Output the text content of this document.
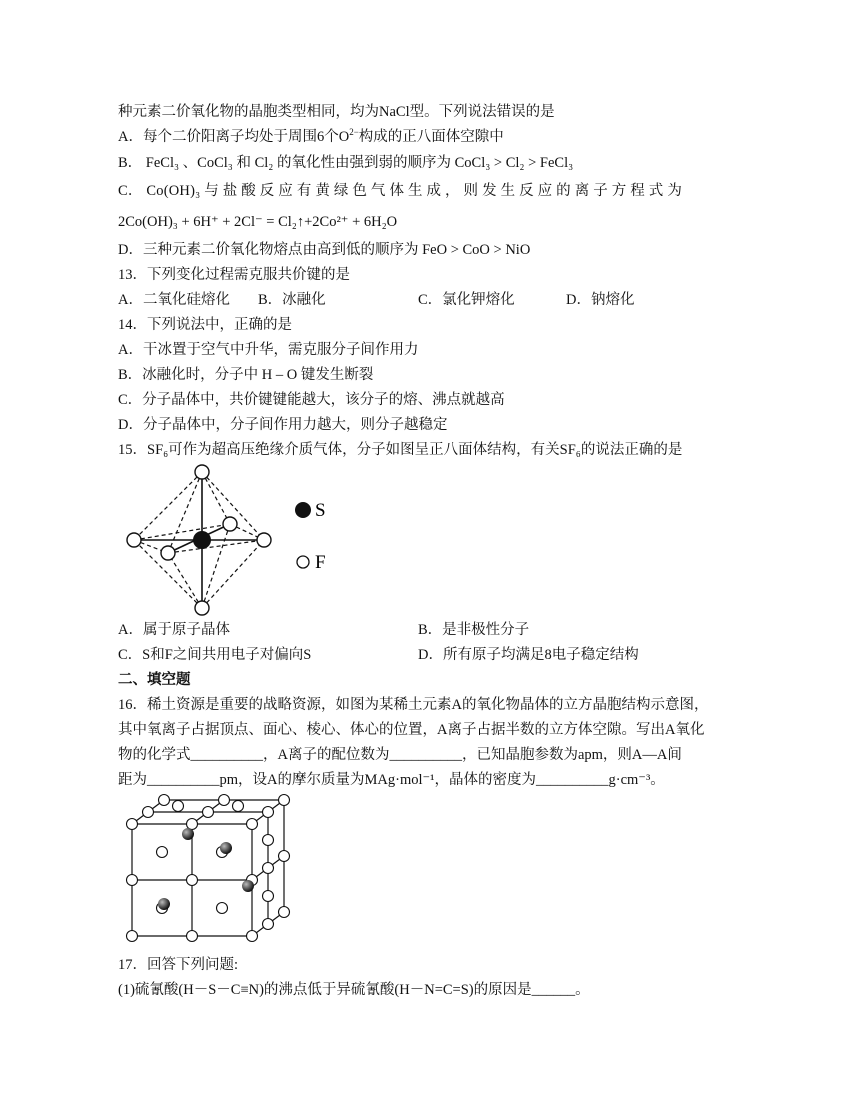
种元素二价氧化物的晶胞类型相同，均为NaCl型。下列说法错误的是
A．每个二价阳离子均处于周围6个$O^{2-}$构成的正八面体空隙中
B． FeCl₃ 、CoCl₃ 和 Cl₂ 的氧化性由强到弱的顺序为 CoCl₃ > Cl₂ > FeCl₃
C． Co(OH)₃ 与 盐 酸 反 应 有 黄 绿 色 气 体 生 成 ， 则 发 生 反 应 的 离 子 方 程 式 为
2Co(OH)₃ + 6H⁺ + 2Cl⁻ = Cl₂↑+2Co²⁺ + 6H₂O
D．三种元素二价氧化物熔点由高到低的顺序为 FeO > CoO > NiO
13．下列变化过程需克服共价键的是
A．二氧化硅熔化 B．冰融化	C．氯化钾熔化	D．钠熔化
14．下列说法中，正确的是
A．干冰置于空气中升华，需克服分子间作用力
B．冰融化时，分子中 H – O 键发生断裂
C．分子晶体中，共价键键能越大，该分子的熔、沸点就越高
D．分子晶体中，分子间作用力越大，则分子越稳定
15．SF₆可作为超高压绝缘介质气体，分子如图呈正八面体结构，有关SF₆的说法正确的是
S
F
A．属于原子晶体	B．是非极性分子
C．S和F之间共用电子对偏向S	D．所有原子均满足8电子稳定结构
二、填空题
16．稀土资源是重要的战略资源，如图为某稀土元素A的氧化物晶体的立方晶胞结构示意图，
其中氧离子占据顶点、面心、棱心、体心的位置，A离子占据半数的立方体空隙。写出A氧化
物的化学式__________，A离子的配位数为__________，已知晶胞参数为apm，则A—A间
距为__________pm，设A的摩尔质量为MAg·mol⁻¹，晶体的密度为__________g·cm⁻³。
17．回答下列问题:
(1)硫氰酸(H－S－C≡N)的沸点低于异硫氰酸(H－N=C=S)的原因是______。
